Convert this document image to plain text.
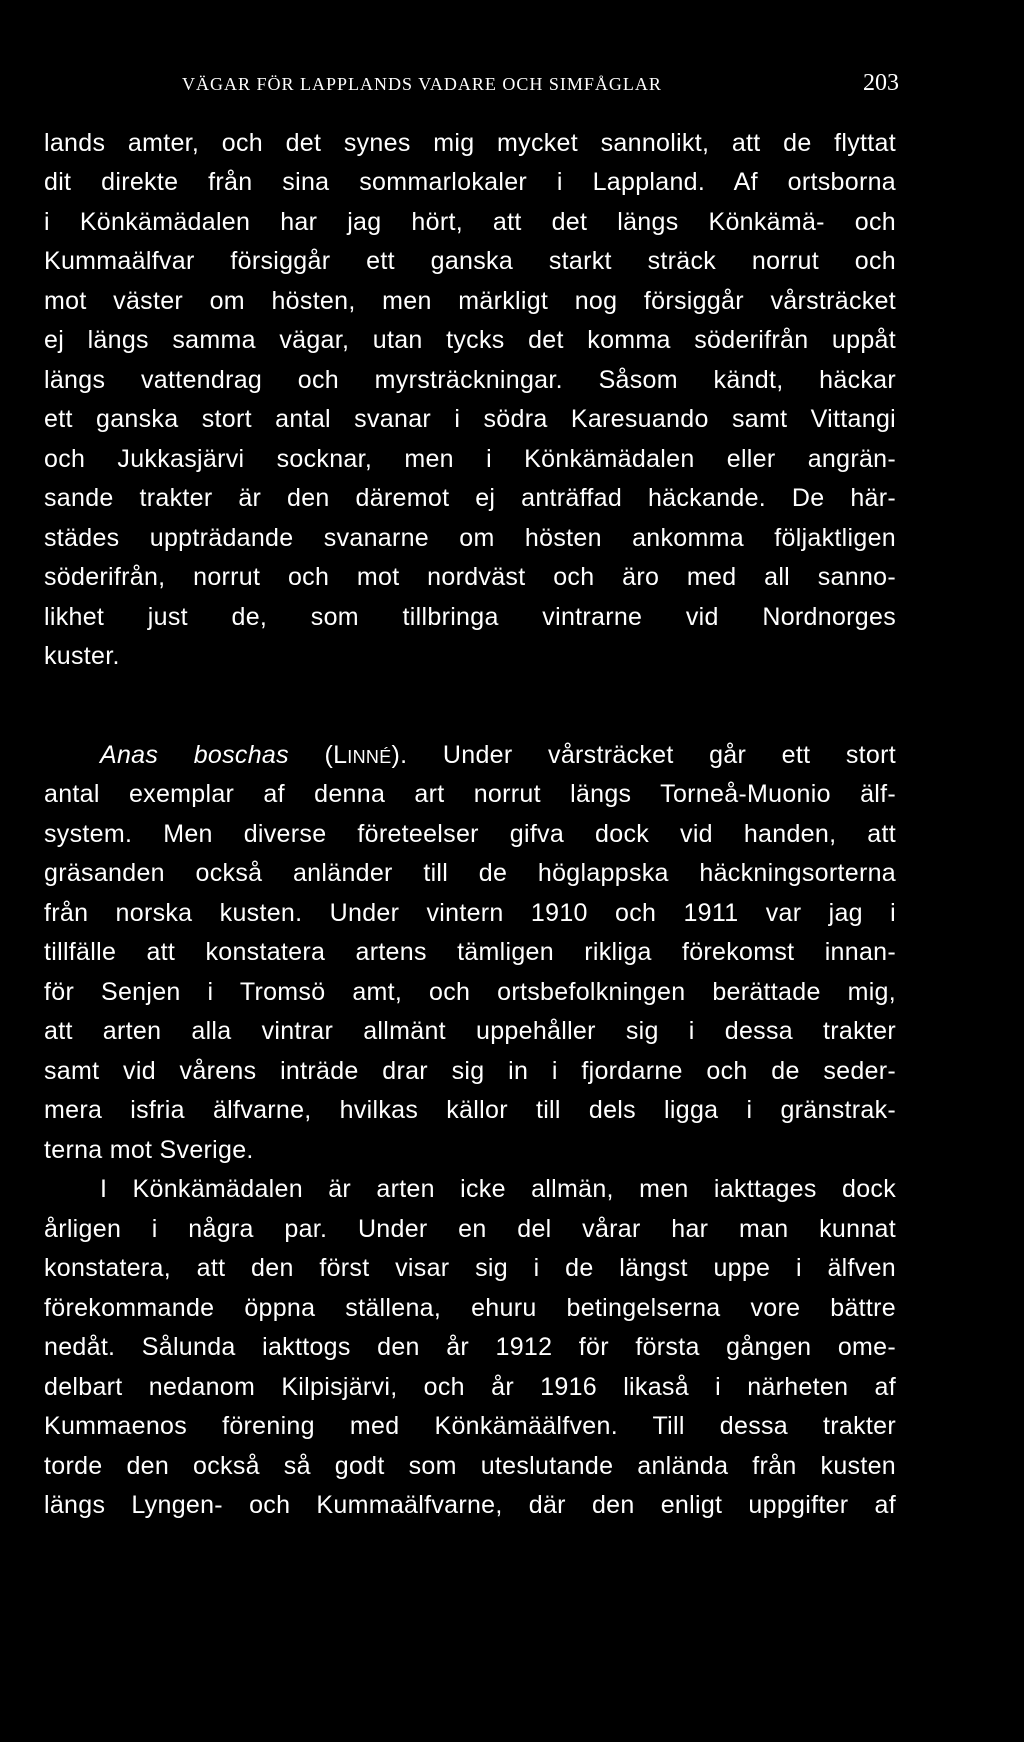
VÄGAR FÖR LAPPLANDS VADARE OCH SIMFÅGLAR	203
lands amter, och det synes mig mycket sannolikt, att de flyttat
dit direkte från sina sommarlokaler i Lappland. Af ortsborna
i Könkämädalen har jag hört, att det längs Könkämä- och
Kummaälfvar försiggår ett ganska starkt sträck norrut och
mot väster om hösten, men märkligt nog försiggår vårsträcket
ej längs samma vägar, utan tycks det komma söderifrån uppåt
längs vattendrag och myrsträckningar. Såsom kändt, häckar
ett ganska stort antal svanar i södra Karesuando samt Vittangi
och Jukkasjärvi socknar, men i Könkämädalen eller angrän-
sande trakter är den däremot ej anträffad häckande. De här-
städes uppträdande svanarne om hösten ankomma följaktligen
söderifrån, norrut och mot nordväst och äro med all sanno-
likhet just de, som tillbringa vintrarne vid Nordnorges
kuster.
Anas boschas (Linné). Under vårsträcket går ett stort
antal exemplar af denna art norrut längs Torneå-Muonio älf-
system. Men diverse företeelser gifva dock vid handen, att
gräsanden också anländer till de höglappska häckningsorterna
från norska kusten. Under vintern 1910 och 1911 var jag i
tillfälle att konstatera artens tämligen rikliga förekomst innan-
för Senjen i Tromsö amt, och ortsbefolkningen berättade mig,
att arten alla vintrar allmänt uppehåller sig i dessa trakter
samt vid vårens inträde drar sig in i fjordarne och de seder-
mera isfria älfvarne, hvilkas källor till dels ligga i gränstrak-
terna mot Sverige.
I Könkämädalen är arten icke allmän, men iakttages dock
årligen i några par. Under en del vårar har man kunnat
konstatera, att den först visar sig i de längst uppe i älfven
förekommande öppna ställena, ehuru betingelserna vore bättre
nedåt. Sålunda iakttogs den år 1912 för första gången ome-
delbart nedanom Kilpisjärvi, och år 1916 likaså i närheten af
Kummaenos förening med Könkämäälfven. Till dessa trakter
torde den också så godt som uteslutande anlända från kusten
längs Lyngen- och Kummaälfvarne, där den enligt uppgifter af
